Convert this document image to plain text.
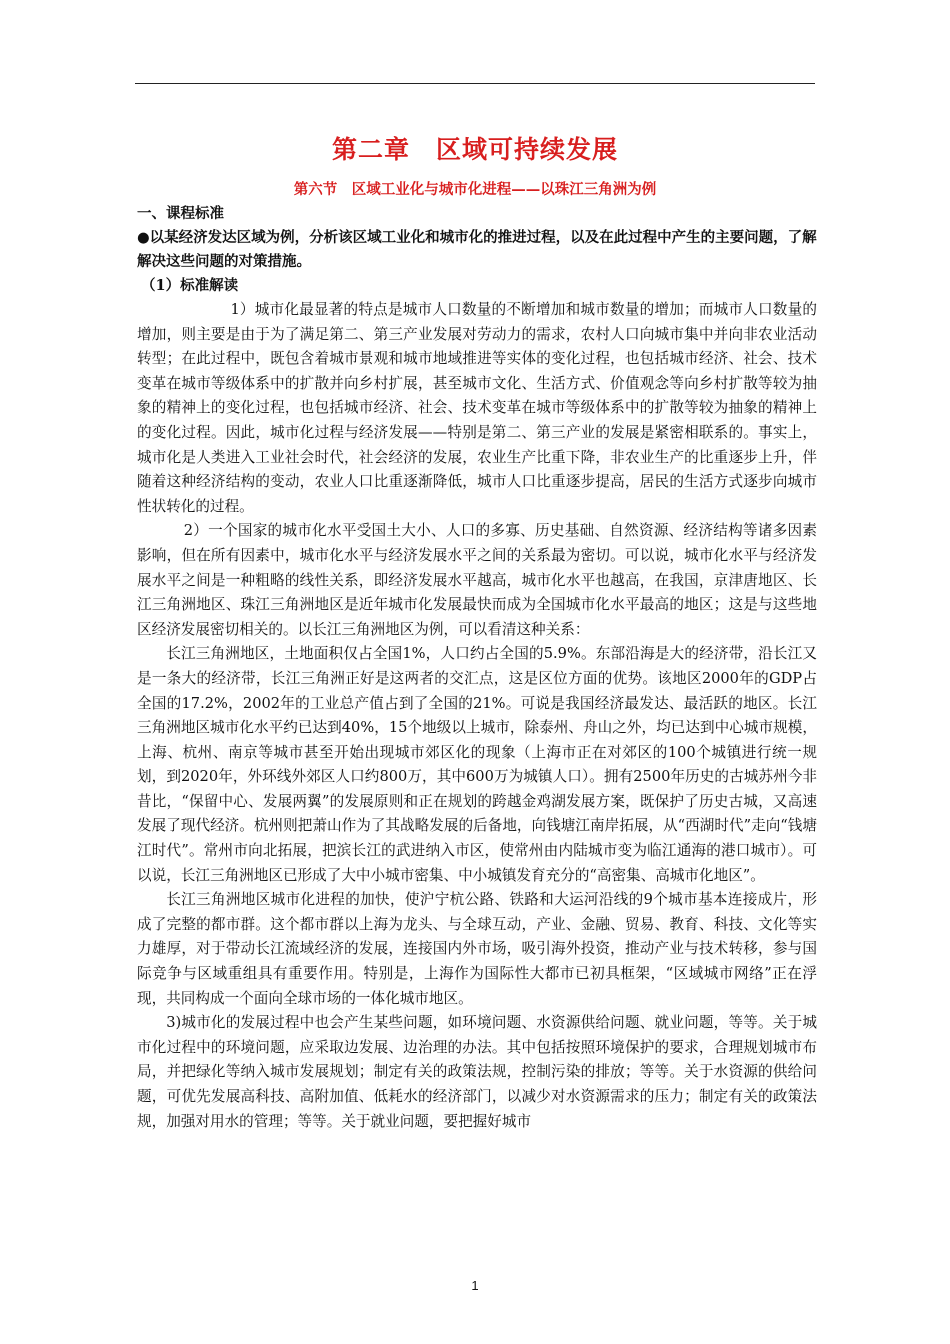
第二章　区域可持续发展
第六节　区域工业化与城市化进程——以珠江三角洲为例
一、课程标准
●以某经济发达区域为例，分析该区域工业化和城市化的推进过程，以及在此过程中产生的主要问题，了解解决这些问题的对策措施。
（1）标准解读

1）城市化最显著的特点是城市人口数量的不断增加和城市数量的增加；而城市人口数量的增加，则主要是由于为了满足第二、第三产业发展对劳动力的需求，农村人口向城市集中并向非农业活动转型；在此过程中，既包含着城市景观和城市地域推进等实体的变化过程，也包括城市经济、社会、技术变革在城市等级体系中的扩散并向乡村扩展，甚至城市文化、生活方式、价值观念等向乡村扩散等较为抽象的精神上的变化过程，也包括城市经济、社会、技术变革在城市等级体系中的扩散等较为抽象的精神上的变化过程。因此，城市化过程与经济发展——特别是第二、第三产业的发展是紧密相联系的。事实上，城市化是人类进入工业社会时代，社会经济的发展，农业生产比重下降，非农业生产的比重逐步上升，伴随着这种经济结构的变动，农业人口比重逐渐降低，城市人口比重逐步提高，居民的生活方式逐步向城市性状转化的过程。

2）一个国家的城市化水平受国土大小、人口的多寡、历史基础、自然资源、经济结构等诸多因素影响，但在所有因素中，城市化水平与经济发展水平之间的关系最为密切。可以说，城市化水平与经济发展水平之间是一种粗略的线性关系，即经济发展水平越高，城市化水平也越高，在我国，京津唐地区、长江三角洲地区、珠江三角洲地区是近年城市化发展最快而成为全国城市化水平最高的地区；这是与这些地区经济发展密切相关的。以长江三角洲地区为例，可以看清这种关系：

长江三角洲地区，土地面积仅占全国1%，人口约占全国的5.9%。东部沿海是大的经济带，沿长江又是一条大的经济带，长江三角洲正好是这两者的交汇点，这是区位方面的优势。该地区2000年的GDP占全国的17.2%，2002年的工业总产值占到了全国的21%。可说是我国经济最发达、最活跃的地区。长江三角洲地区城市化水平约已达到40%，15个地级以上城市，除泰州、舟山之外，均已达到中心城市规模，上海、杭州、南京等城市甚至开始出现城市郊区化的现象（上海市正在对郊区的100个城镇进行统一规划，到2020年，外环线外郊区人口约800万，其中600万为城镇人口）。拥有2500年历史的古城苏州今非昔比，“保留中心、发展两翼”的发展原则和正在规划的跨越金鸡湖发展方案，既保护了历史古城，又高速发展了现代经济。杭州则把萧山作为了其战略发展的后备地，向钱塘江南岸拓展，从“西湖时代”走向“钱塘江时代”。常州市向北拓展，把滨长江的武进纳入市区，使常州由内陆城市变为临江通海的港口城市）。可以说，长江三角洲地区已形成了大中小城市密集、中小城镇发育充分的“高密集、高城市化地区”。

长江三角洲地区城市化进程的加快，使沪宁杭公路、铁路和大运河沿线的9个城市基本连接成片，形成了完整的都市群。这个都市群以上海为龙头、与全球互动，产业、金融、贸易、教育、科技、文化等实力雄厚，对于带动长江流域经济的发展，连接国内外市场，吸引海外投资，推动产业与技术转移，参与国际竞争与区域重组具有重要作用。特别是，上海作为国际性大都市已初具框架，“区域城市网络”正在浮现，共同构成一个面向全球市场的一体化城市地区。

3)城市化的发展过程中也会产生某些问题，如环境问题、水资源供给问题、就业问题，等等。关于城市化过程中的环境问题，应采取边发展、边治理的办法。其中包括按照环境保护的要求，合理规划城市布局，并把绿化等纳入城市发展规划；制定有关的政策法规，控制污染的排放；等等。关于水资源的供给问题，可优先发展高科技、高附加值、低耗水的经济部门，以减少对水资源需求的压力；制定有关的政策法规，加强对用水的管理；等等。关于就业问题，要把握好城市

1
